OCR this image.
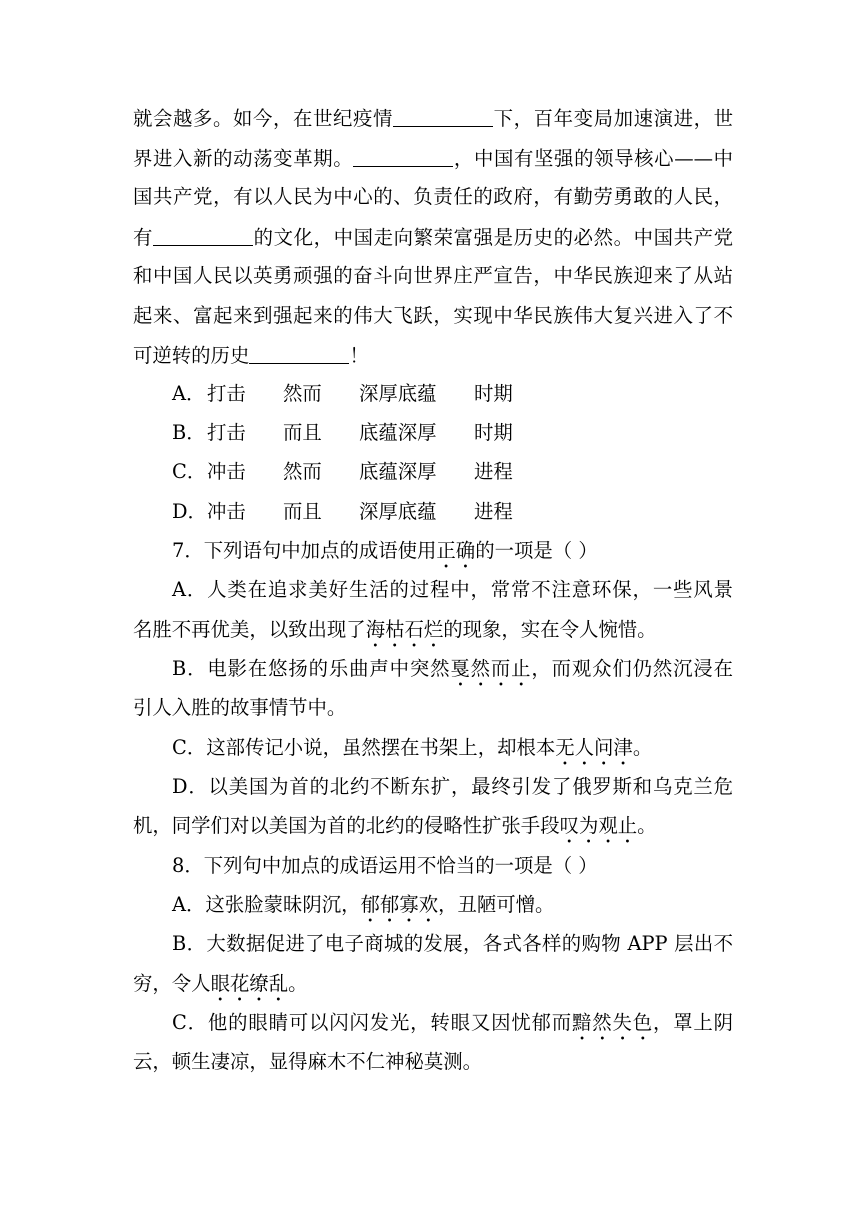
就会越多。如今，在世纪疫情	下，百年变局加速演进，世
界进入新的动荡变革期。	，中国有坚强的领导核心——中
国共产党，有以人民为中心的、负责任的政府，有勤劳勇敢的人民，
有	的文化，中国走向繁荣富强是历史的必然。中国共产党
和中国人民以英勇顽强的奋斗向世界庄严宣告，中华民族迎来了从站
起来、富起来到强起来的伟大飞跃，实现中华民族伟大复兴进入了不
可逆转的历史	！
A．打击 然而 深厚底蕴 时期
B．打击 而且 底蕴深厚 时期
C．冲击 然而 底蕴深厚 进程
D．冲击 而且 深厚底蕴 进程
7．下列语句中加点的成语使用正确的一项是（ ）
A．人类在追求美好生活的过程中，常常不注意环保，一些风景
名胜不再优美，以致出现了海枯石烂的现象，实在令人惋惜。
B．电影在悠扬的乐曲声中突然戛然而止，而观众们仍然沉浸在
引人入胜的故事情节中。
C．这部传记小说，虽然摆在书架上，却根本无人问津。
D．以美国为首的北约不断东扩，最终引发了俄罗斯和乌克兰危
机，同学们对以美国为首的北约的侵略性扩张手段叹为观止。
8．下列句中加点的成语运用不恰当的一项是（ ）
A．这张脸蒙昧阴沉，郁郁寡欢，丑陋可憎。
B．大数据促进了电子商城的发展，各式各样的购物 APP 层出不
穷，令人眼花缭乱。
C．他的眼睛可以闪闪发光，转眼又因忧郁而黯然失色，罩上阴
云，顿生凄凉，显得麻木不仁神秘莫测。
